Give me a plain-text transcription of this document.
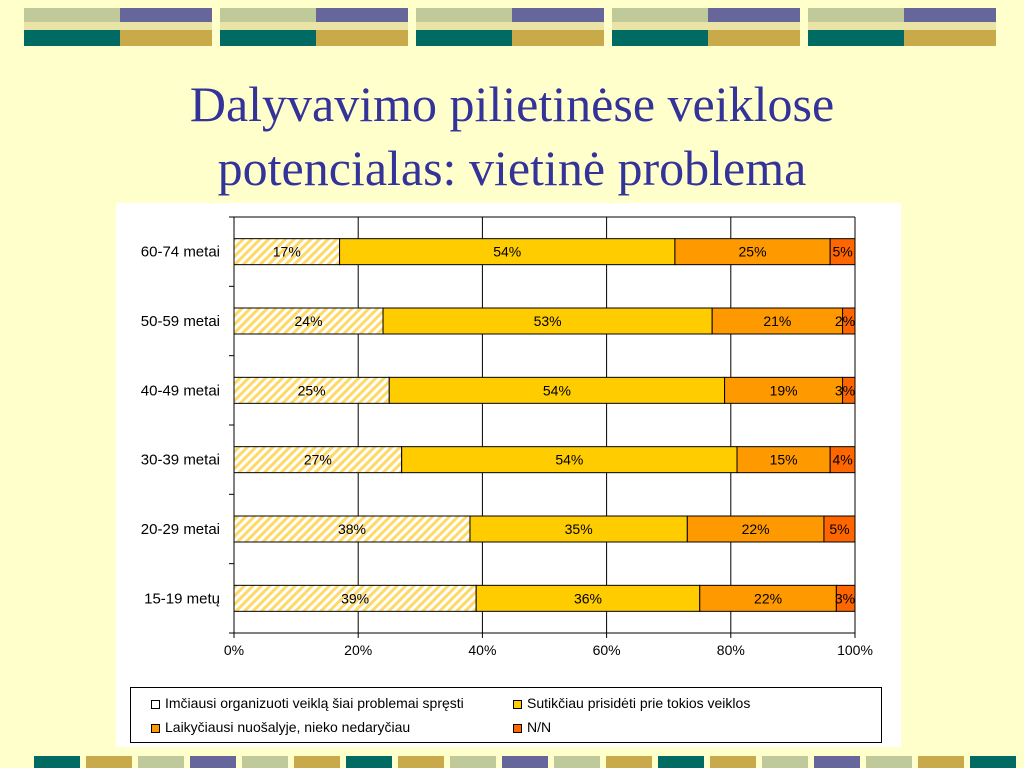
Dalyvavimo pilietinėse veiklose
potencialas: vietinė problema
0%	20%	40%	60%	80%	100%
60-74 metai	17%	54%	25%	5%
50-59 metai	24%	53%	21%	2%
40-49 metai	25%	54%	19%	3%
30-39 metai	27%	54%	15% 4%
20-29 metai	38%	35%	22%	5%
15-19 metų	39%	36%	22%	3%
Imčiausi organizuoti veiklą šiai problemai spręsti	Sutikčiau prisidėti prie tokios veiklos
Laikyčiausi nuošalyje, nieko nedaryčiau	N/N
